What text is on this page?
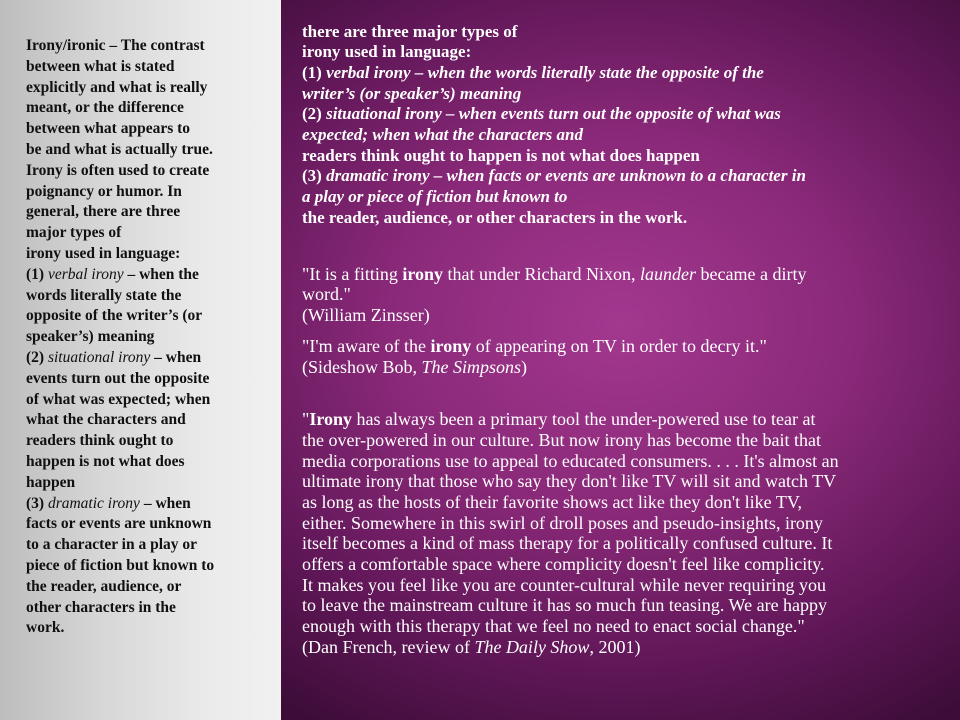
Irony/ironic – The contrast
between what is stated
explicitly and what is really
meant, or the difference
between what appears to
be and what is actually true.
Irony is often used to create
poignancy or humor. In
general, there are three
major types of
irony used in language:
(1) verbal irony – when the
words literally state the
opposite of the writer’s (or
speaker’s) meaning
(2) situational irony – when
events turn out the opposite
of what was expected; when
what the characters and
readers think ought to
happen is not what does
happen
(3) dramatic irony – when
facts or events are unknown
to a character in a play or
piece of fiction but known to
the reader, audience, or
other characters in the
work.
there are three major types of
irony used in language:
(1) verbal irony – when the words literally state the opposite of the
writer’s (or speaker’s) meaning
(2) situational irony – when events turn out the opposite of what was
expected; when what the characters and
readers think ought to happen is not what does happen
(3) dramatic irony – when facts or events are unknown to a character in
a play or piece of fiction but known to
the reader, audience, or other characters in the work.
"It is a fitting irony that under Richard Nixon, launder became a dirty
word."
(William Zinsser)
"I'm aware of the irony of appearing on TV in order to decry it."
(Sideshow Bob, The Simpsons)
"Irony has always been a primary tool the under-powered use to tear at
the over-powered in our culture. But now irony has become the bait that
media corporations use to appeal to educated consumers. . . . It's almost an
ultimate irony that those who say they don't like TV will sit and watch TV
as long as the hosts of their favorite shows act like they don't like TV,
either. Somewhere in this swirl of droll poses and pseudo-insights, irony
itself becomes a kind of mass therapy for a politically confused culture. It
offers a comfortable space where complicity doesn't feel like complicity.
It makes you feel like you are counter-cultural while never requiring you
to leave the mainstream culture it has so much fun teasing. We are happy
enough with this therapy that we feel no need to enact social change."
(Dan French, review of The Daily Show, 2001)
